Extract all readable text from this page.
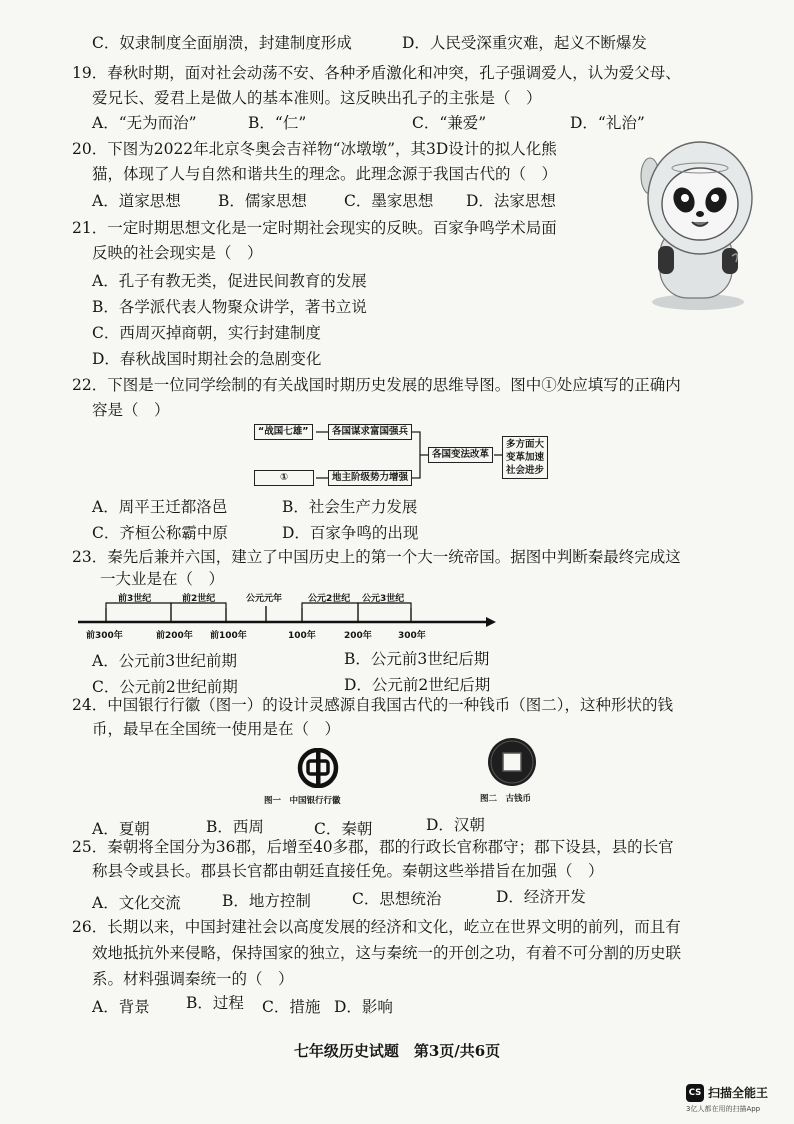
C．奴隶制度全面崩溃，封建制度形成	D．人民受深重灾难，起义不断爆发
19．春秋时期，面对社会动荡不安、各种矛盾激化和冲突，孔子强调爱人，认为爱父母、
爱兄长、爱君上是做人的基本准则。这反映出孔子的主张是（　）
A．“无为而治”	B．“仁”	C．“兼爱”	D．“礼治”
20．下图为2022年北京冬奥会吉祥物“冰墩墩”，其3D设计的拟人化熊
猫，体现了人与自然和谐共生的理念。此理念源于我国古代的（　）
A．道家思想 B．儒家思想 C．墨家思想 D．法家思想
21．一定时期思想文化是一定时期社会现实的反映。百家争鸣学术局面
反映的社会现实是（　）
A．孔子有教无类，促进民间教育的发展
B．各学派代表人物聚众讲学，著书立说
C．西周灭掉商朝，实行封建制度
D．春秋战国时期社会的急剧变化
22．下图是一位同学绘制的有关战国时期历史发展的思维导图。图中①处应填写的正确内
容是（　）
“战国七雄”	各国谋求富国强兵
①	地主阶级势力增强
各国变法改革
多方面大
变革加速
社会进步
A．周平王迁都洛邑	B．社会生产力发展
C．齐桓公称霸中原	D．百家争鸣的出现
23．秦先后兼并六国，建立了中国历史上的第一个大一统帝国。据图中判断秦最终完成这
一大业是在（　）
前3世纪	前2世纪	公元元年	公元2世纪 公元3世纪
前300年	前200年 前100年	100年	200年	300年
A．公元前3世纪前期	B．公元前3世纪后期
C．公元前2世纪前期	D．公元前2世纪后期
24．中国银行行徽（图一）的设计灵感源自我国古代的一种钱币（图二），这种形状的钱
币，最早在全国统一使用是在（　）
图一　中国银行行徽	图二　古钱币
A．夏朝	B．西周	C．秦朝	D．汉朝
25．秦朝将全国分为36郡，后增至40多郡，郡的行政长官称郡守；郡下设县，县的长官
称县令或县长。郡县长官都由朝廷直接任免。秦朝这些举措旨在加强（　）
A．文化交流	B．地方控制	C．思想统治	D．经济开发
26．长期以来，中国封建社会以高度发展的经济和文化，屹立在世界文明的前列，而且有
效地抵抗外来侵略，保持国家的独立，这与秦统一的开创之功，有着不可分割的历史联
系。材料强调秦统一的（　）
A．背景 B．过程 C．措施 D．影响
七年级历史试题　第3页/共6页
CS 扫描全能王
3亿人都在用的扫描App
